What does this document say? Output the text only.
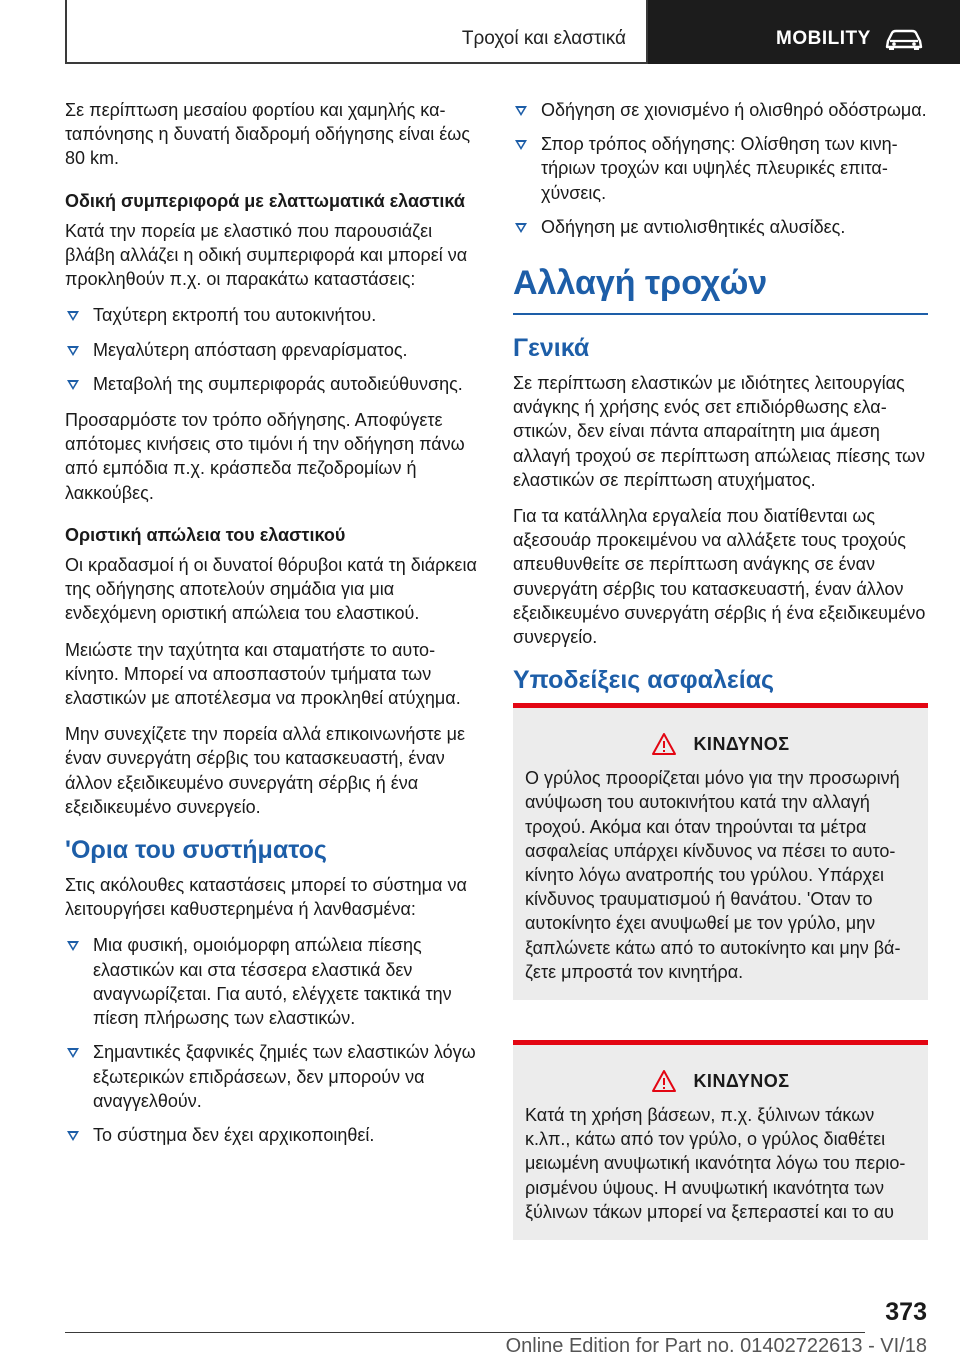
Τροχοί και ελαστικά	MOBILITY

Σε περίπτωση μεσαίου φορτίου και χαμηλής καταπόνησης η δυνατή διαδρομή οδήγησης είναι έως 80 km.

Οδική συμπεριφορά με ελαττωματικά ελαστικά

Κατά την πορεία με ελαστικό που παρουσιάζει βλάβη αλλάζει η οδική συμπεριφορά και μπορεί να προκληθούν π.χ. οι παρακάτω καταστάσεις:

Ταχύτερη εκτροπή του αυτοκινήτου.
Μεγαλύτερη απόσταση φρεναρίσματος.
Μεταβολή της συμπεριφοράς αυτοδιεύθυνσης.

Προσαρμόστε τον τρόπο οδήγησης. Αποφύγετε απότομες κινήσεις στο τιμόνι ή την οδήγηση πάνω από εμπόδια π.χ. κράσπεδα πεζοδρομίων ή λακκούβες.

Οριστική απώλεια του ελαστικού

Οι κραδασμοί ή οι δυνατοί θόρυβοι κατά τη διάρκεια της οδήγησης αποτελούν σημάδια για μια ενδεχόμενη οριστική απώλεια του ελαστικού.

Μειώστε την ταχύτητα και σταματήστε το αυτοκίνητο. Μπορεί να αποσπαστούν τμήματα των ελαστικών με αποτέλεσμα να προκληθεί ατύχημα.

Μην συνεχίζετε την πορεία αλλά επικοινωνήστε με έναν συνεργάτη σέρβις του κατασκευαστή, έναν άλλον εξειδικευμένο συνεργάτη σέρβις ή ένα εξειδικευμένο συνεργείο.

'Ορια του συστήματος

Στις ακόλουθες καταστάσεις μπορεί το σύστημα να λειτουργήσει καθυστερημένα ή λανθασμένα:

Μια φυσική, ομοιόμορφη απώλεια πίεσης ελαστικών και στα τέσσερα ελαστικά δεν αναγνωρίζεται. Για αυτό, ελέγχετε τακτικά την πίεση πλήρωσης των ελαστικών.
Σημαντικές ξαφνικές ζημιές των ελαστικών λόγω εξωτερικών επιδράσεων, δεν μπορούν να αναγγελθούν.
Το σύστημα δεν έχει αρχικοποιηθεί.
Οδήγηση σε χιονισμένο ή ολισθηρό οδόστρωμα.
Σπορ τρόπος οδήγησης: Ολίσθηση των κινητήριων τροχών και υψηλές πλευρικές επιταχύνσεις.
Οδήγηση με αντιολισθητικές αλυσίδες.
Αλλαγή τροχών
Γενικά

Σε περίπτωση ελαστικών με ιδιότητες λειτουργίας ανάγκης ή χρήσης ενός σετ επιδιόρθωσης ελαστικών, δεν είναι πάντα απαραίτητη μια άμεση αλλαγή τροχού σε περίπτωση απώλειας πίεσης των ελαστικών σε περίπτωση ατυχήματος.

Για τα κατάλληλα εργαλεία που διατίθενται ως αξεσουάρ προκειμένου να αλλάξετε τους τροχούς απευθυνθείτε σε περίπτωση ανάγκης σε έναν συνεργάτη σέρβις του κατασκευαστή, έναν άλλον εξειδικευμένο συνεργάτη σέρβις ή ένα εξειδικευμένο συνεργείο.

Υποδείξεις ασφαλείας
ΚΙΝΔΥΝΟΣ

Ο γρύλος προορίζεται μόνο για την προσωρινή ανύψωση του αυτοκινήτου κατά την αλλαγή τροχού. Ακόμα και όταν τηρούνται τα μέτρα ασφαλείας υπάρχει κίνδυνος να πέσει το αυτοκίνητο λόγω ανατροπής του γρύλου. Υπάρχει κίνδυνος τραυματισμού ή θανάτου. 'Οταν το αυτοκίνητο έχει ανυψωθεί με τον γρύλο, μην ξαπλώνετε κάτω από το αυτοκίνητο και μην βάζετε μπροστά τον κινητήρα.

ΚΙΝΔΥΝΟΣ

Κατά τη χρήση βάσεων, π.χ. ξύλινων τάκων κ.λπ., κάτω από τον γρύλο, ο γρύλος διαθέτει μειωμένη ανυψωτική ικανότητα λόγω του περιορισμένου ύψους. Η ανυψωτική ικανότητα των ξύλινων τάκων μπορεί να ξεπεραστεί και το αυ

373
Online Edition for Part no. 01402722613 - VI/18
